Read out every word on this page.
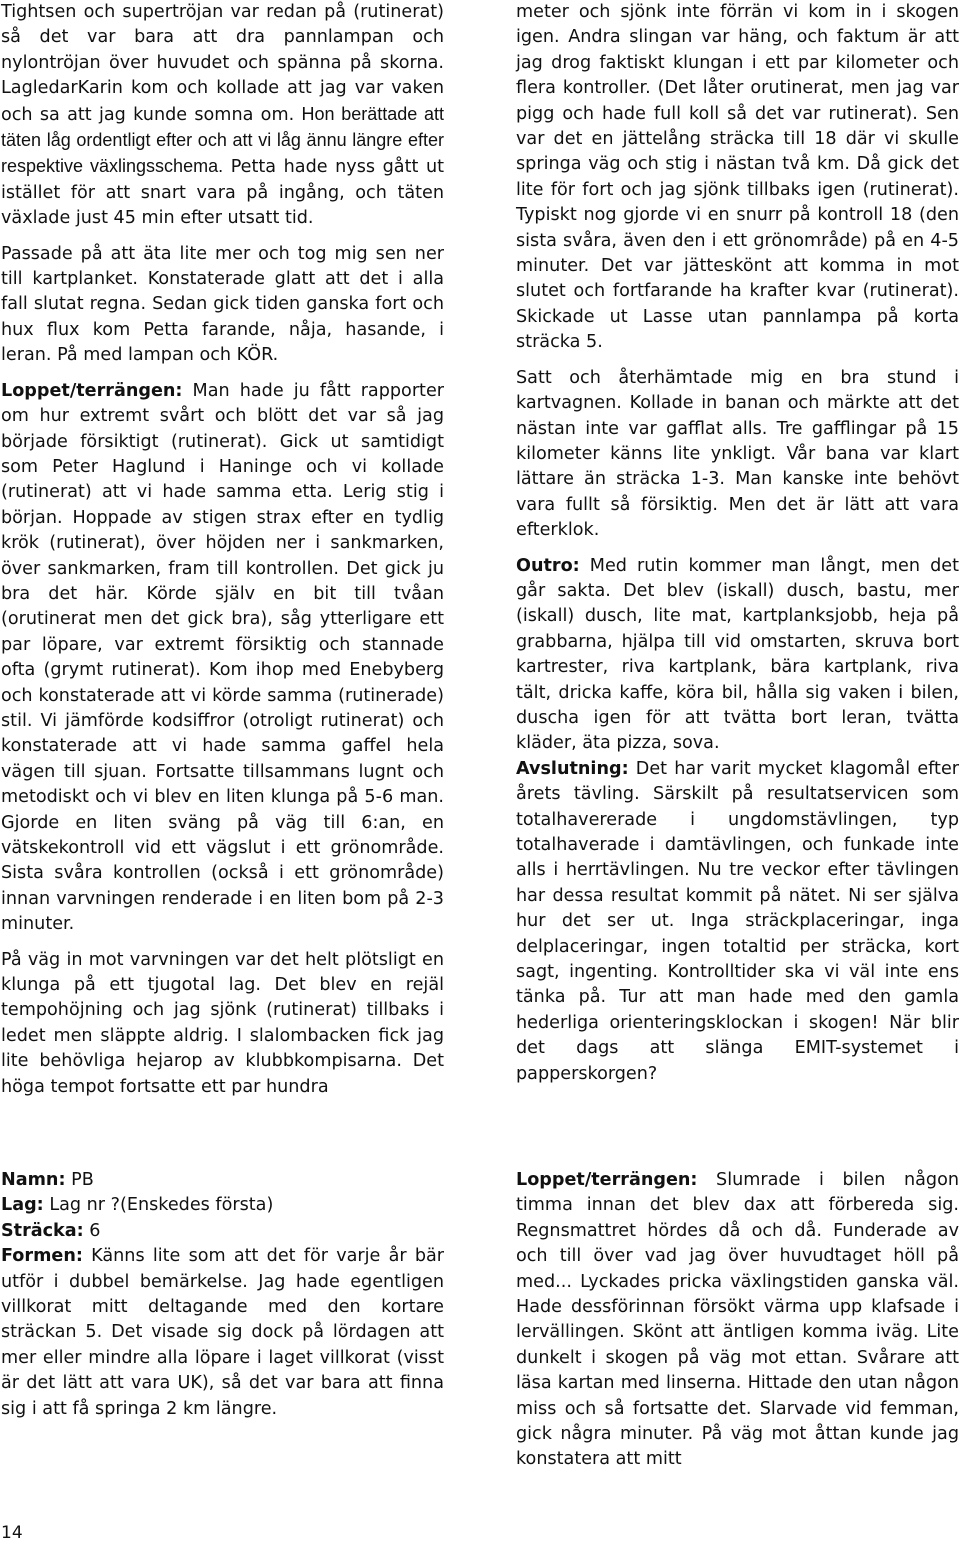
Tightsen och supertröjan var redan på (rutinerat) så det var bara att dra pannlampan och nylontröjan över huvudet och spänna på skorna. LagledarKarin kom och kollade att jag var vaken och sa att jag kunde somna om. Hon berättade att täten låg ordentligt efter och att vi låg ännu längre efter respektive växlingsschema. Petta hade nyss gått ut istället för att snart vara på ingång, och täten växlade just 45 min efter utsatt tid.

Passade på att äta lite mer och tog mig sen ner till kartplanket. Konstaterade glatt att det i alla fall slutat regna. Sedan gick tiden ganska fort och hux flux kom Petta farande, nåja, hasande, i leran. På med lampan och KÖR.

Loppet/terrängen: Man hade ju fått rapporter om hur extremt svårt och blött det var så jag började försiktigt (rutinerat). Gick ut samtidigt som Peter Haglund i Haninge och vi kollade (rutinerat) att vi hade samma etta. Lerig stig i början. Hoppade av stigen strax efter en tydlig krök (rutinerat), över höjden ner i sankmarken, över sankmarken, fram till kontrollen. Det gick ju bra det här. Körde själv en bit till tvåan (orutinerat men det gick bra), såg ytterligare ett par löpare, var extremt försiktig och stannade ofta (grymt rutinerat). Kom ihop med Enebyberg och konstaterade att vi körde samma (rutinerade) stil. Vi jämförde kodsiffror (otroligt rutinerat) och konstaterade att vi hade samma gaffel hela vägen till sjuan. Fortsatte tillsammans lugnt och metodiskt och vi blev en liten klunga på 5-6 man. Gjorde en liten sväng på väg till 6:an, en vätskekontroll vid ett vägslut i ett grönområde. Sista svåra kontrollen (också i ett grönområde) innan varvningen renderade i en liten bom på 2-3 minuter.

På väg in mot varvningen var det helt plötsligt en klunga på ett tjugotal lag. Det blev en rejäl tempohöjning och jag sjönk (rutinerat) tillbaks i ledet men släppte aldrig. I slalombacken fick jag lite behövliga hejarop av klubbkompisarna. Det höga tempot fortsatte ett par hundra

meter och sjönk inte förrän vi kom in i skogen igen. Andra slingan var häng, och faktum är att jag drog faktiskt klungan i ett par kilometer och flera kontroller. (Det låter orutinerat, men jag var pigg och hade full koll så det var rutinerat). Sen var det en jättelång sträcka till 18 där vi skulle springa väg och stig i nästan två km. Då gick det lite för fort och jag sjönk tillbaks igen (rutinerat). Typiskt nog gjorde vi en snurr på kontroll 18 (den sista svåra, även den i ett grönområde) på en 4-5 minuter. Det var jätteskönt att komma in mot slutet och fortfarande ha krafter kvar (rutinerat). Skickade ut Lasse utan pannlampa på korta sträcka 5.

Satt och återhämtade mig en bra stund i kartvagnen. Kollade in banan och märkte att det nästan inte var gafflat alls. Tre gafflingar på 15 kilometer känns lite ynkligt. Vår bana var klart lättare än sträcka 1-3. Man kanske inte behövt vara fullt så försiktig. Men det är lätt att vara efterklok.

Outro: Med rutin kommer man långt, men det går sakta. Det blev (iskall) dusch, bastu, mer (iskall) dusch, lite mat, kartplanksjobb, heja på grabbarna, hjälpa till vid omstarten, skruva bort kartrester, riva kartplank, bära kartplank, riva tält, dricka kaffe, köra bil, hålla sig vaken i bilen, duscha igen för att tvätta bort leran, tvätta kläder, äta pizza, sova.

Avslutning: Det har varit mycket klagomål efter årets tävling. Särskilt på resultatservicen som totalhavererade i ungdomstävlingen, typ totalhaverade i damtävlingen, och funkade inte alls i herrtävlingen. Nu tre veckor efter tävlingen har dessa resultat kommit på nätet. Ni ser själva hur det ser ut. Inga sträckplaceringar, inga delplaceringar, ingen totaltid per sträcka, kort sagt, ingenting. Kontrolltider ska vi väl inte ens tänka på. Tur att man hade med den gamla hederliga orienteringsklockan i skogen! När blir det dags att slänga EMIT-systemet i papperskorgen?

Namn: PB
Lag: Lag nr ?(Enskedes första)
Sträcka: 6

Formen: Känns lite som att det för varje år bär utför i dubbel bemärkelse. Jag hade egentligen villkorat mitt deltagande med den kortare sträckan 5. Det visade sig dock på lördagen att mer eller mindre alla löpare i laget villkorat (visst är det lätt att vara UK), så det var bara att finna sig i att få springa 2 km längre.

Loppet/terrängen: Slumrade i bilen någon timma innan det blev dax att förbereda sig. Regnsmattret hördes då och då. Funderade av och till över vad jag över huvudtaget höll på med... Lyckades pricka växlingstiden ganska väl. Hade dessförinnan försökt värma upp klafsade i lervällingen. Skönt att äntligen komma iväg. Lite dunkelt i skogen på väg mot ettan. Svårare att läsa kartan med linserna. Hittade den utan någon miss och så fortsatte det. Slarvade vid femman, gick några minuter. På väg mot åttan kunde jag konstatera att mitt

14
